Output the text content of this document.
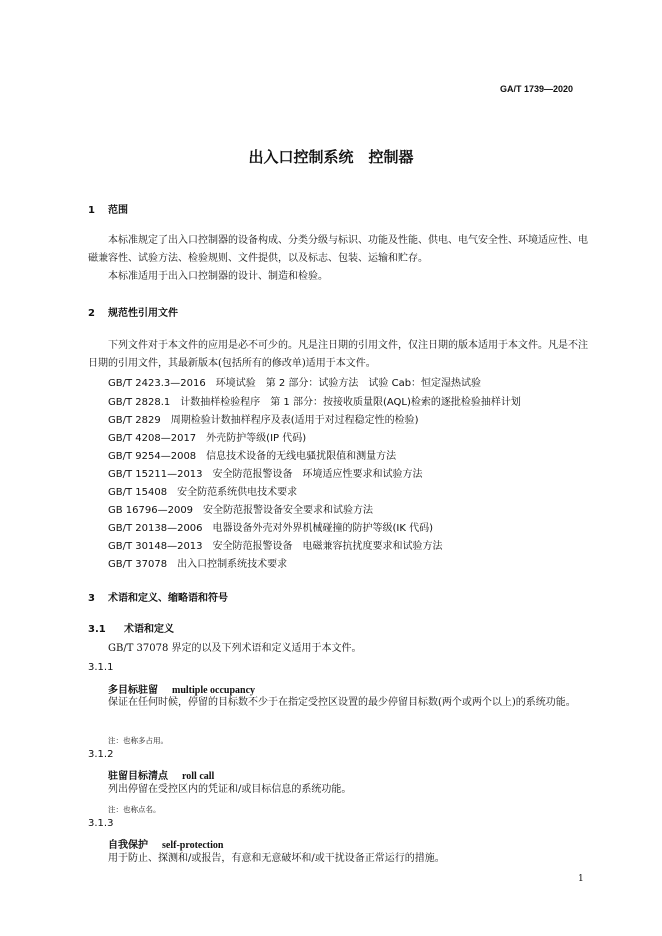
GA/T 1739—2020
出入口控制系统　控制器
1 范围
本标准规定了出入口控制器的设备构成、分类分级与标识、功能及性能、供电、电气安全性、环境适应性、电磁兼容性、试验方法、检验规则、文件提供，以及标志、包装、运输和贮存。
本标准适用于出入口控制器的设计、制造和检验。
2 规范性引用文件
下列文件对于本文件的应用是必不可少的。凡是注日期的引用文件，仅注日期的版本适用于本文件。凡是不注日期的引用文件，其最新版本(包括所有的修改单)适用于本文件。
GB/T 2423.3—2016　环境试验　第 2 部分：试验方法　试验 Cab：恒定湿热试验
GB/T 2828.1　计数抽样检验程序　第 1 部分：按接收质量限(AQL)检索的逐批检验抽样计划
GB/T 2829　周期检验计数抽样程序及表(适用于对过程稳定性的检验)
GB/T 4208—2017　外壳防护等级(IP 代码)
GB/T 9254—2008　信息技术设备的无线电骚扰限值和测量方法
GB/T 15211—2013　安全防范报警设备　环境适应性要求和试验方法
GB/T 15408　安全防范系统供电技术要求
GB 16796—2009　安全防范报警设备安全要求和试验方法
GB/T 20138—2006　电器设备外壳对外界机械碰撞的防护等级(IK 代码)
GB/T 30148—2013　安全防范报警设备　电磁兼容抗扰度要求和试验方法
GB/T 37078　出入口控制系统技术要求
3 术语和定义、缩略语和符号
3.1 术语和定义
GB/T 37078 界定的以及下列术语和定义适用于本文件。
3.1.1
多目标驻留 multiple occupancy
保证在任何时候，停留的目标数不少于在指定受控区设置的最少停留目标数(两个或两个以上)的系统功能。
注：也称多占用。
3.1.2
驻留目标清点 roll call
列出停留在受控区内的凭证和/或目标信息的系统功能。
注：也称点名。
3.1.3
自我保护 self-protection
用于防止、探测和/或报告，有意和无意破坏和/或干扰设备正常运行的措施。
1
